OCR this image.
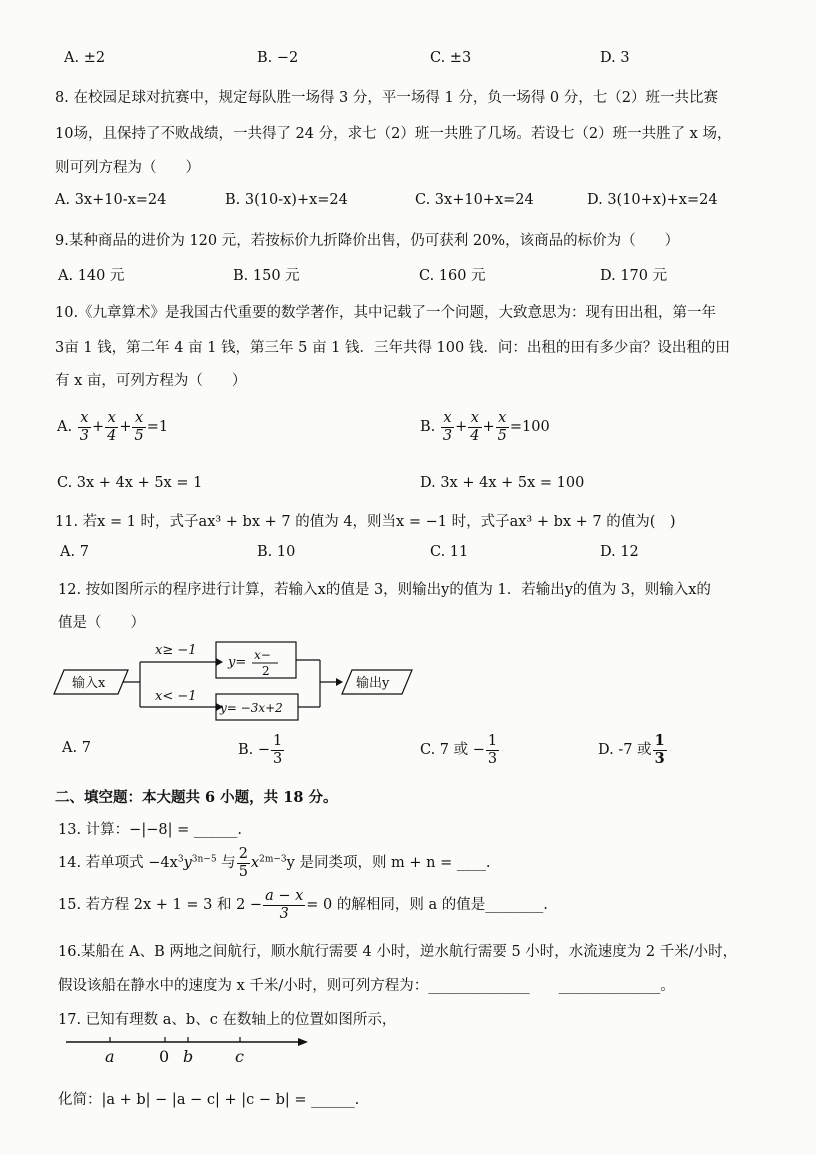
A. ±2	B. −2	C. ±3	D. 3
8. 在校园足球对抗赛中，规定每队胜一场得 3 分，平一场得 1 分，负一场得 0 分，七（2）班一共比赛
10场，且保持了不败战绩，一共得了 24 分，求七（2）班一共胜了几场。若设七（2）班一共胜了 x 场，
则可列方程为（　　）
A. 3x+10-x=24	B. 3(10-x)+x=24	C. 3x+10+x=24	D. 3(10+x)+x=24
9.某种商品的进价为 120 元，若按标价九折降价出售，仍可获利 20%，该商品的标价为（　　）
A. 140 元	B. 150 元	C. 160 元	D. 170 元
10.《九章算术》是我国古代重要的数学著作，其中记载了一个问题，大致意思为：现有田出租，第一年
3亩 1 钱，第二年 4 亩 1 钱，第三年 5 亩 1 钱．三年共得 100 钱．问：出租的田有多少亩？设出租的田
有 x 亩，可列方程为（　　）
A. $\frac{x}{3} + \frac{x}{4} + \frac{x}{5} =1$	B. $\frac{x}{3} + \frac{x}{4} + \frac{x}{5} =100$
C. 3x + 4x + 5x = 1	D. 3x + 4x + 5x = 100
11. 若x = 1 时，式子ax³ + bx + 7 的值为 4，则当x = −1 时，式子ax³ + bx + 7 的值为(　)
A. 7	B. 10	C. 11	D. 12
12. 按如图所示的程序进行计算，若输入x的值是 3，则输出y的值为 1．若输出y的值为 3，则输入x的
值是（　　）
输入x
x≥ −1
x< −1
y= x−
2
y= −3x+2
输出y
A. 7	B. − $\frac{1}{3}$	C. 7 或 − $\frac{1}{3}$	D. -7 或 $\frac{1}{3}$
二、填空题：本大题共 6 小题，共 18 分。
13. 计算：−|−8| = ______.
14. 若单项式 $-4x^3y^{3n-5}$ 与 $\frac{2}{5} x^{2m-3}y$ 是同类项，则 m + n = ____.
15. 若方程 2x + 1 = 3 和 $2 - \frac{a - x}{3} = 0$ 的解相同，则 a 的值是________.
16.某船在 A、B 两地之间航行，顺水航行需要 4 小时，逆水航行需要 5 小时，水流速度为 2 千米/小时，
假设该船在静水中的速度为 x 千米/小时，则可列方程为：______________　　______________。
17. 已知有理数 a、b、c 在数轴上的位置如图所示，
a	0 b	c
化简：|a + b| − |a − c| + |c − b| = ______.
